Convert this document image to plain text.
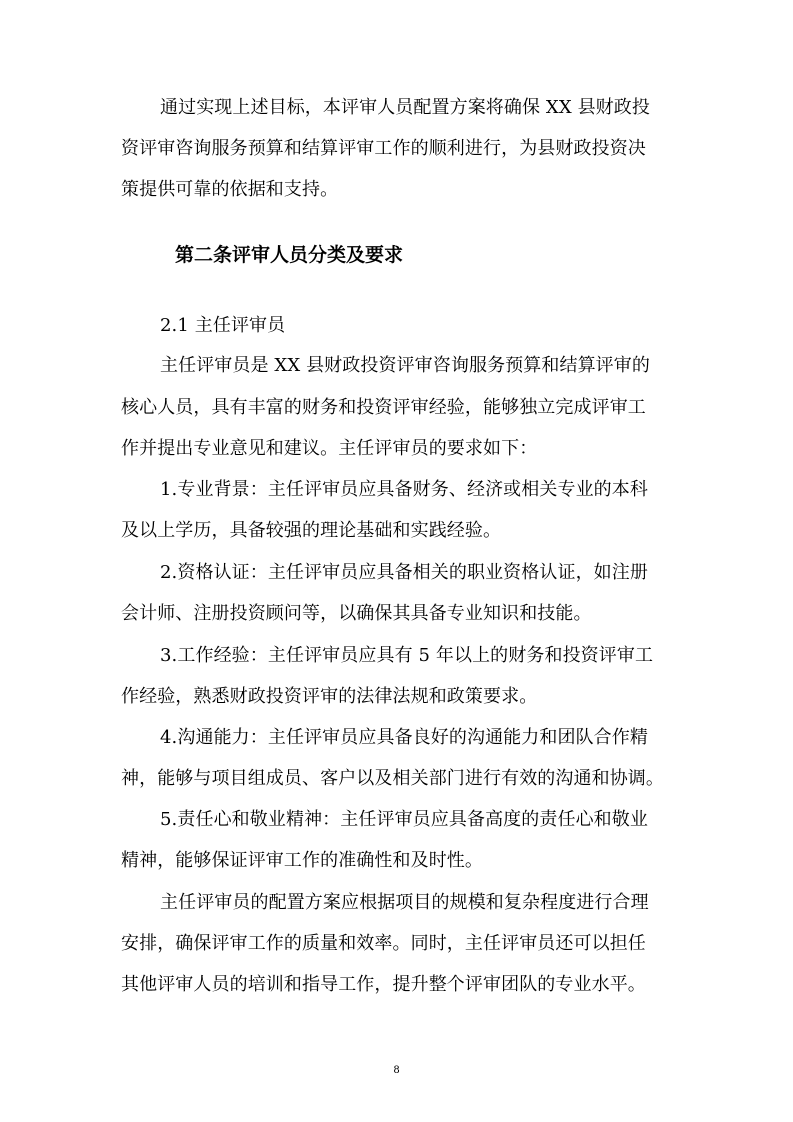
通过实现上述目标，本评审人员配置方案将确保 XX 县财政投
资评审咨询服务预算和结算评审工作的顺利进行，为县财政投资决
策提供可靠的依据和支持。
第二条评审人员分类及要求
2.1 主任评审员
主任评审员是 XX 县财政投资评审咨询服务预算和结算评审的
核心人员，具有丰富的财务和投资评审经验，能够独立完成评审工
作并提出专业意见和建议。主任评审员的要求如下：
1.专业背景：主任评审员应具备财务、经济或相关专业的本科
及以上学历，具备较强的理论基础和实践经验。
2.资格认证：主任评审员应具备相关的职业资格认证，如注册
会计师、注册投资顾问等，以确保其具备专业知识和技能。
3.工作经验：主任评审员应具有 5 年以上的财务和投资评审工
作经验，熟悉财政投资评审的法律法规和政策要求。
4.沟通能力：主任评审员应具备良好的沟通能力和团队合作精
神，能够与项目组成员、客户以及相关部门进行有效的沟通和协调。
5.责任心和敬业精神：主任评审员应具备高度的责任心和敬业
精神，能够保证评审工作的准确性和及时性。
主任评审员的配置方案应根据项目的规模和复杂程度进行合理
安排，确保评审工作的质量和效率。同时，主任评审员还可以担任
其他评审人员的培训和指导工作，提升整个评审团队的专业水平。
8
